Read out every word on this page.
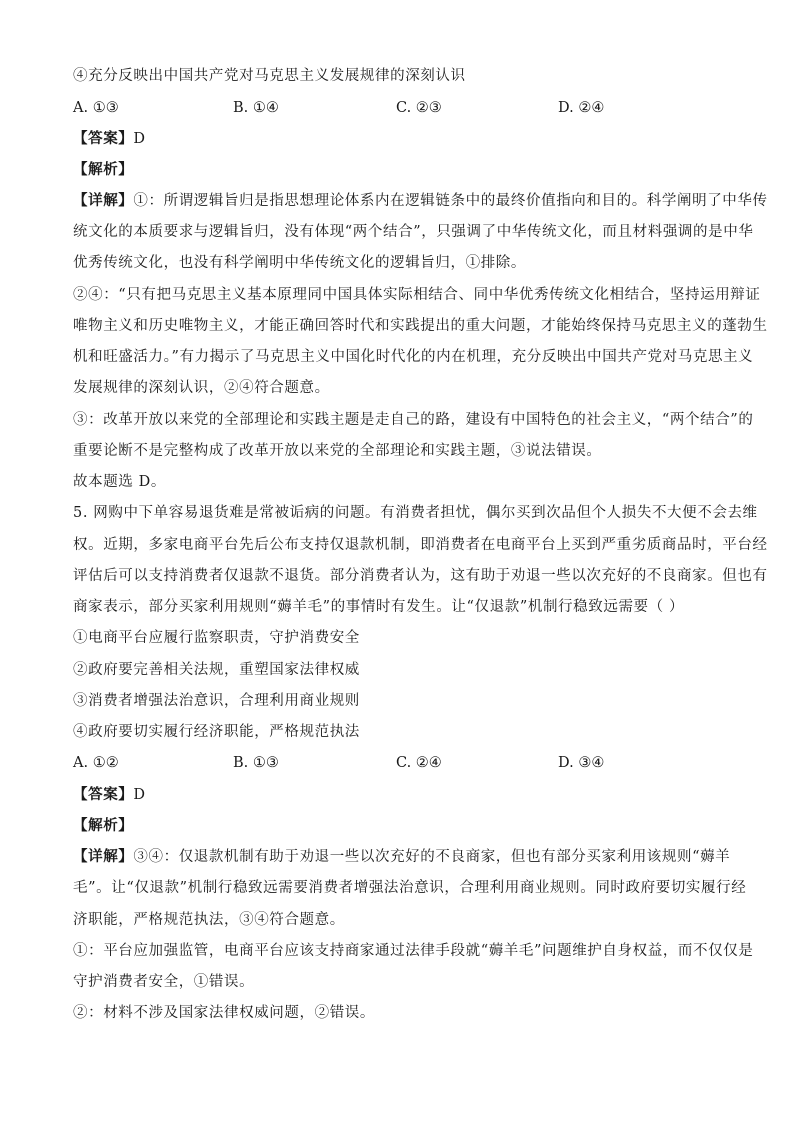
④充分反映出中国共产党对马克思主义发展规律的深刻认识
A. ①③	B. ①④	C. ②③	D. ②④
【答案】D
【解析】
【详解】①：所谓逻辑旨归是指思想理论体系内在逻辑链条中的最终价值指向和目的。科学阐明了中华传
统文化的本质要求与逻辑旨归，没有体现“两个结合”，只强调了中华传统文化，而且材料强调的是中华
优秀传统文化，也没有科学阐明中华传统文化的逻辑旨归，①排除。
②④：“只有把马克思主义基本原理同中国具体实际相结合、同中华优秀传统文化相结合，坚持运用辩证
唯物主义和历史唯物主义，才能正确回答时代和实践提出的重大问题，才能始终保持马克思主义的蓬勃生
机和旺盛活力。”有力揭示了马克思主义中国化时代化的内在机理，充分反映出中国共产党对马克思主义
发展规律的深刻认识，②④符合题意。
③：改革开放以来党的全部理论和实践主题是走自己的路，建设有中国特色的社会主义，“两个结合”的
重要论断不是完整构成了改革开放以来党的全部理论和实践主题，③说法错误。
故本题选 D。
5. 网购中下单容易退货难是常被诟病的问题。有消费者担忧，偶尔买到次品但个人损失不大便不会去维
权。近期，多家电商平台先后公布支持仅退款机制，即消费者在电商平台上买到严重劣质商品时，平台经
评估后可以支持消费者仅退款不退货。部分消费者认为，这有助于劝退一些以次充好的不良商家。但也有
商家表示，部分买家利用规则“薅羊毛”的事情时有发生。让“仅退款”机制行稳致远需要（ ）
①电商平台应履行监察职责，守护消费安全
②政府要完善相关法规，重塑国家法律权威
③消费者增强法治意识，合理利用商业规则
④政府要切实履行经济职能，严格规范执法
A. ①②	B. ①③	C. ②④	D. ③④
【答案】D
【解析】
【详解】③④：仅退款机制有助于劝退一些以次充好的不良商家，但也有部分买家利用该规则“薅羊
毛”。让“仅退款”机制行稳致远需要消费者增强法治意识，合理利用商业规则。同时政府要切实履行经
济职能，严格规范执法，③④符合题意。
①：平台应加强监管，电商平台应该支持商家通过法律手段就“薅羊毛”问题维护自身权益，而不仅仅是
守护消费者安全，①错误。
②：材料不涉及国家法律权威问题，②错误。
